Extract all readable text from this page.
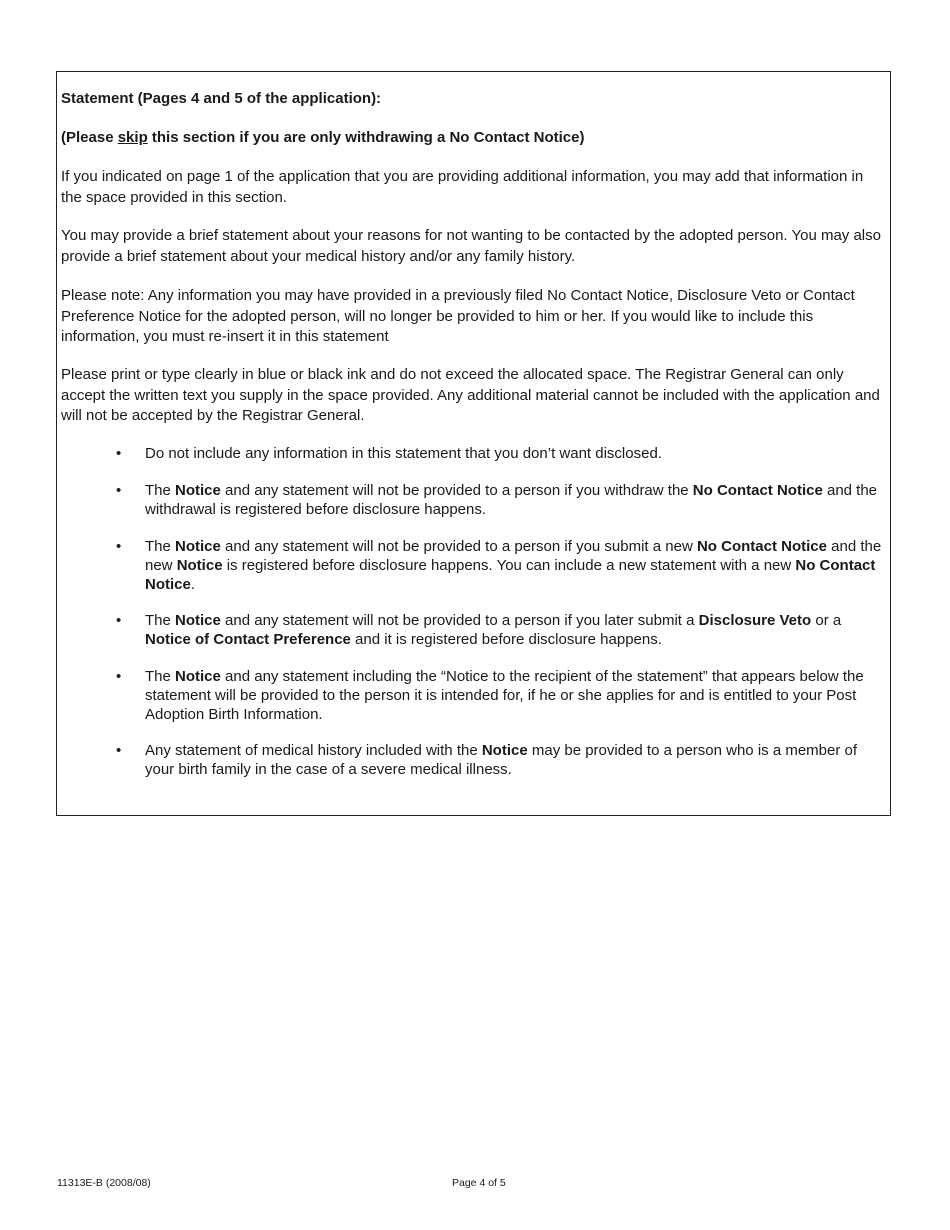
Statement (Pages 4 and 5 of the application):

(Please skip this section if you are only withdrawing a No Contact Notice)

If you indicated on page 1 of the application that you are providing additional information, you may add that information in the space provided in this section.

You may provide a brief statement about your reasons for not wanting to be contacted by the adopted person. You may also provide a brief statement about your medical history and/or any family history.

Please note: Any information you may have provided in a previously filed No Contact Notice, Disclosure Veto or Contact Preference Notice for the adopted person, will no longer be provided to him or her. If you would like to include this information, you must re-insert it in this statement

Please print or type clearly in blue or black ink and do not exceed the allocated space. The Registrar General can only accept the written text you supply in the space provided. Any additional material cannot be included with the application and will not be accepted by the Registrar General.

•	Do not include any information in this statement that you don’t want disclosed.
•	The Notice and any statement will not be provided to a person if you withdraw the No Contact Notice and the withdrawal is registered before disclosure happens.
•	The Notice and any statement will not be provided to a person if you submit a new No Contact Notice and the new Notice is registered before disclosure happens. You can include a new statement with a new No Contact Notice.
•	The Notice and any statement will not be provided to a person if you later submit a Disclosure Veto or a Notice of Contact Preference and it is registered before disclosure happens.
•	The Notice and any statement including the “Notice to the recipient of the statement” that appears below the statement will be provided to the person it is intended for, if he or she applies for and is entitled to your Post Adoption Birth Information.
•	Any statement of medical history included with the Notice may be provided to a person who is a member of your birth family in the case of a severe medical illness.
11313E-B (2008/08)	Page 4 of 5
